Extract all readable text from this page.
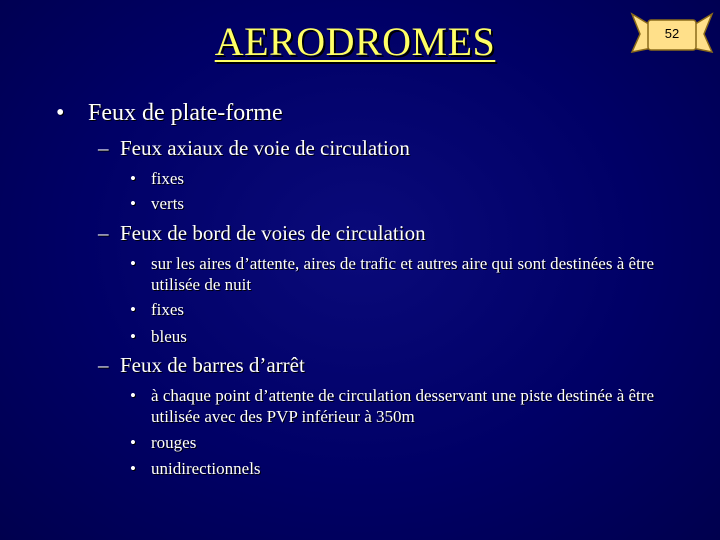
AERODROMES	52
• Feux de plate-forme
– Feux axiaux de voie de circulation
• fixes
• verts
– Feux de bord de voies de circulation
• sur les aires d’attente, aires de trafic et autres aire qui sont destinées à être utilisée de nuit
• fixes
• bleus
– Feux de barres d’arrêt
• à chaque point d’attente de circulation desservant une piste destinée à être utilisée avec des PVP inférieur à 350m
• rouges
• unidirectionnels
